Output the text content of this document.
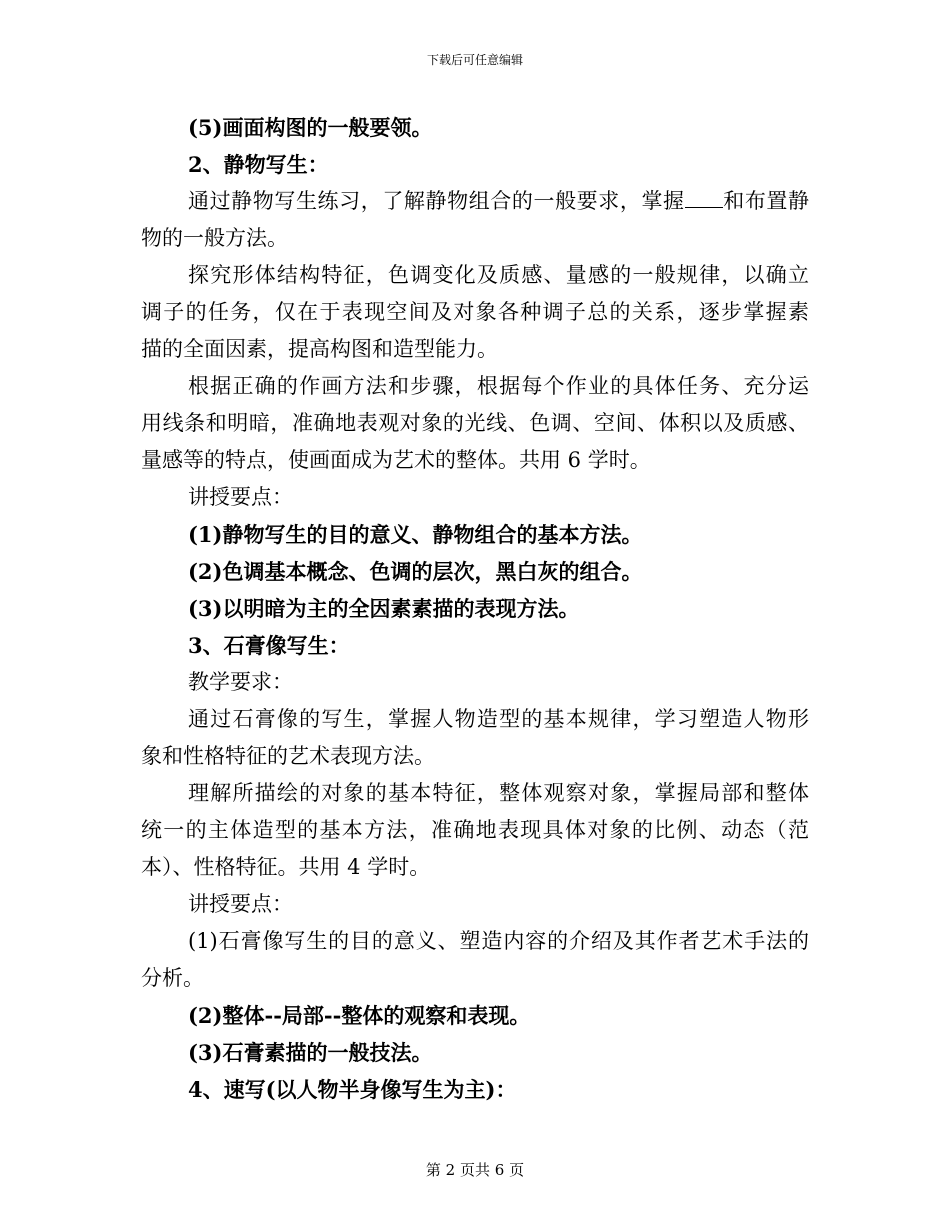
下载后可任意编辑
(5)画面构图的一般要领。
2、静物写生：
通过静物写生练习，了解静物组合的一般要求，掌握 和布置静
物的一般方法。
探究形体结构特征，色调变化及质感、量感的一般规律，以确立
调子的任务，仅在于表现空间及对象各种调子总的关系，逐步掌握素
描的全面因素，提高构图和造型能力。
根据正确的作画方法和步骤，根据每个作业的具体任务、充分运
用线条和明暗，准确地表观对象的光线、色调、空间、体积以及质感、
量感等的特点，使画面成为艺术的整体。共用 6 学时。
讲授要点：
(1)静物写生的目的意义、静物组合的基本方法。
(2)色调基本概念、色调的层次，黑白灰的组合。
(3)以明暗为主的全因素素描的表现方法。
3、石膏像写生：
教学要求：
通过石膏像的写生，掌握人物造型的基本规律，学习塑造人物形
象和性格特征的艺术表现方法。
理解所描绘的对象的基本特征，整体观察对象，掌握局部和整体
统一的主体造型的基本方法，准确地表现具体对象的比例、动态（范
本）、性格特征。共用 4 学时。
讲授要点：
(1)石膏像写生的目的意义、塑造内容的介绍及其作者艺术手法的
分析。
(2)整体--局部--整体的观察和表现。
(3)石膏素描的一般技法。
4、速写(以人物半身像写生为主)：
第 2 页共 6 页
